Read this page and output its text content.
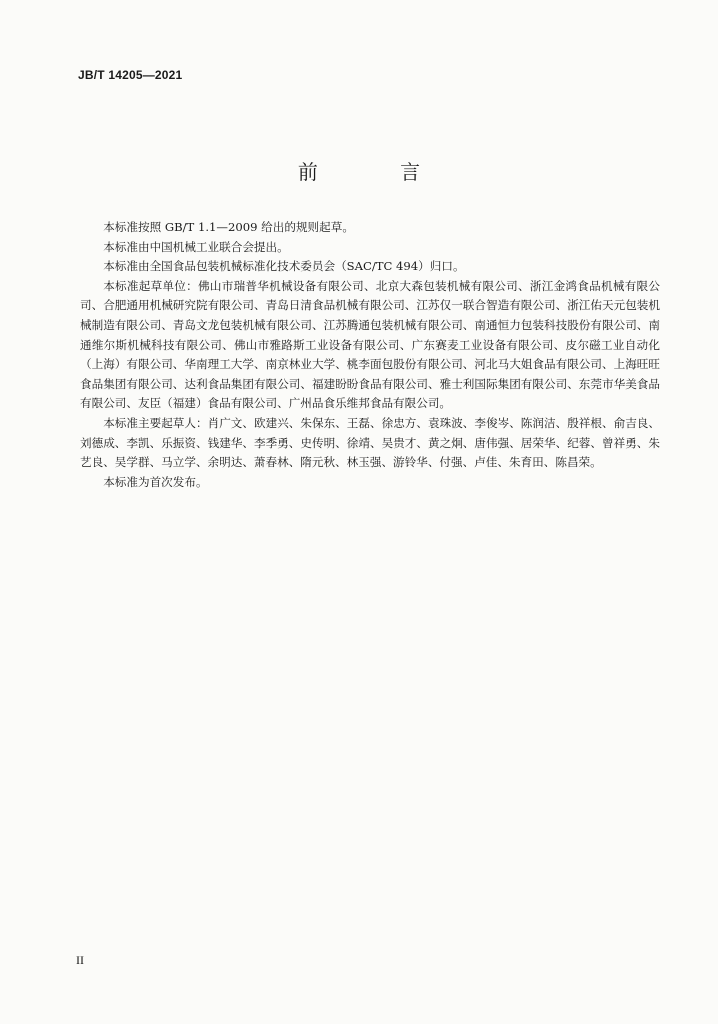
JB/T 14205—2021
前 言

本标准按照 GB/T 1.1—2009 给出的规则起草。

本标准由中国机械工业联合会提出。

本标准由全国食品包装机械标准化技术委员会（SAC/TC 494）归口。

本标准起草单位：佛山市瑞普华机械设备有限公司、北京大森包装机械有限公司、浙江金鸿食品机械有限公司、合肥通用机械研究院有限公司、青岛日清食品机械有限公司、江苏仅一联合智造有限公司、浙江佑天元包装机械制造有限公司、青岛文龙包装机械有限公司、江苏腾通包装机械有限公司、南通恒力包装科技股份有限公司、南通维尔斯机械科技有限公司、佛山市雅路斯工业设备有限公司、广东赛麦工业设备有限公司、皮尔磁工业自动化（上海）有限公司、华南理工大学、南京林业大学、桃李面包股份有限公司、河北马大姐食品有限公司、上海旺旺食品集团有限公司、达利食品集团有限公司、福建盼盼食品有限公司、雅士利国际集团有限公司、东莞市华美食品有限公司、友臣（福建）食品有限公司、广州品食乐维邦食品有限公司。

本标准主要起草人：肖广文、欧建兴、朱保东、王磊、徐忠方、袁珠波、李俊岑、陈润洁、殷祥根、俞吉良、刘德成、李凯、乐振资、钱建华、李季勇、史传明、徐靖、吴贵才、黄之炯、唐伟强、居荣华、纪蓉、曾祥勇、朱艺良、吴学群、马立学、余明达、萧春林、隋元秋、林玉强、游铃华、付强、卢佳、朱育田、陈昌荣。

本标准为首次发布。

II
